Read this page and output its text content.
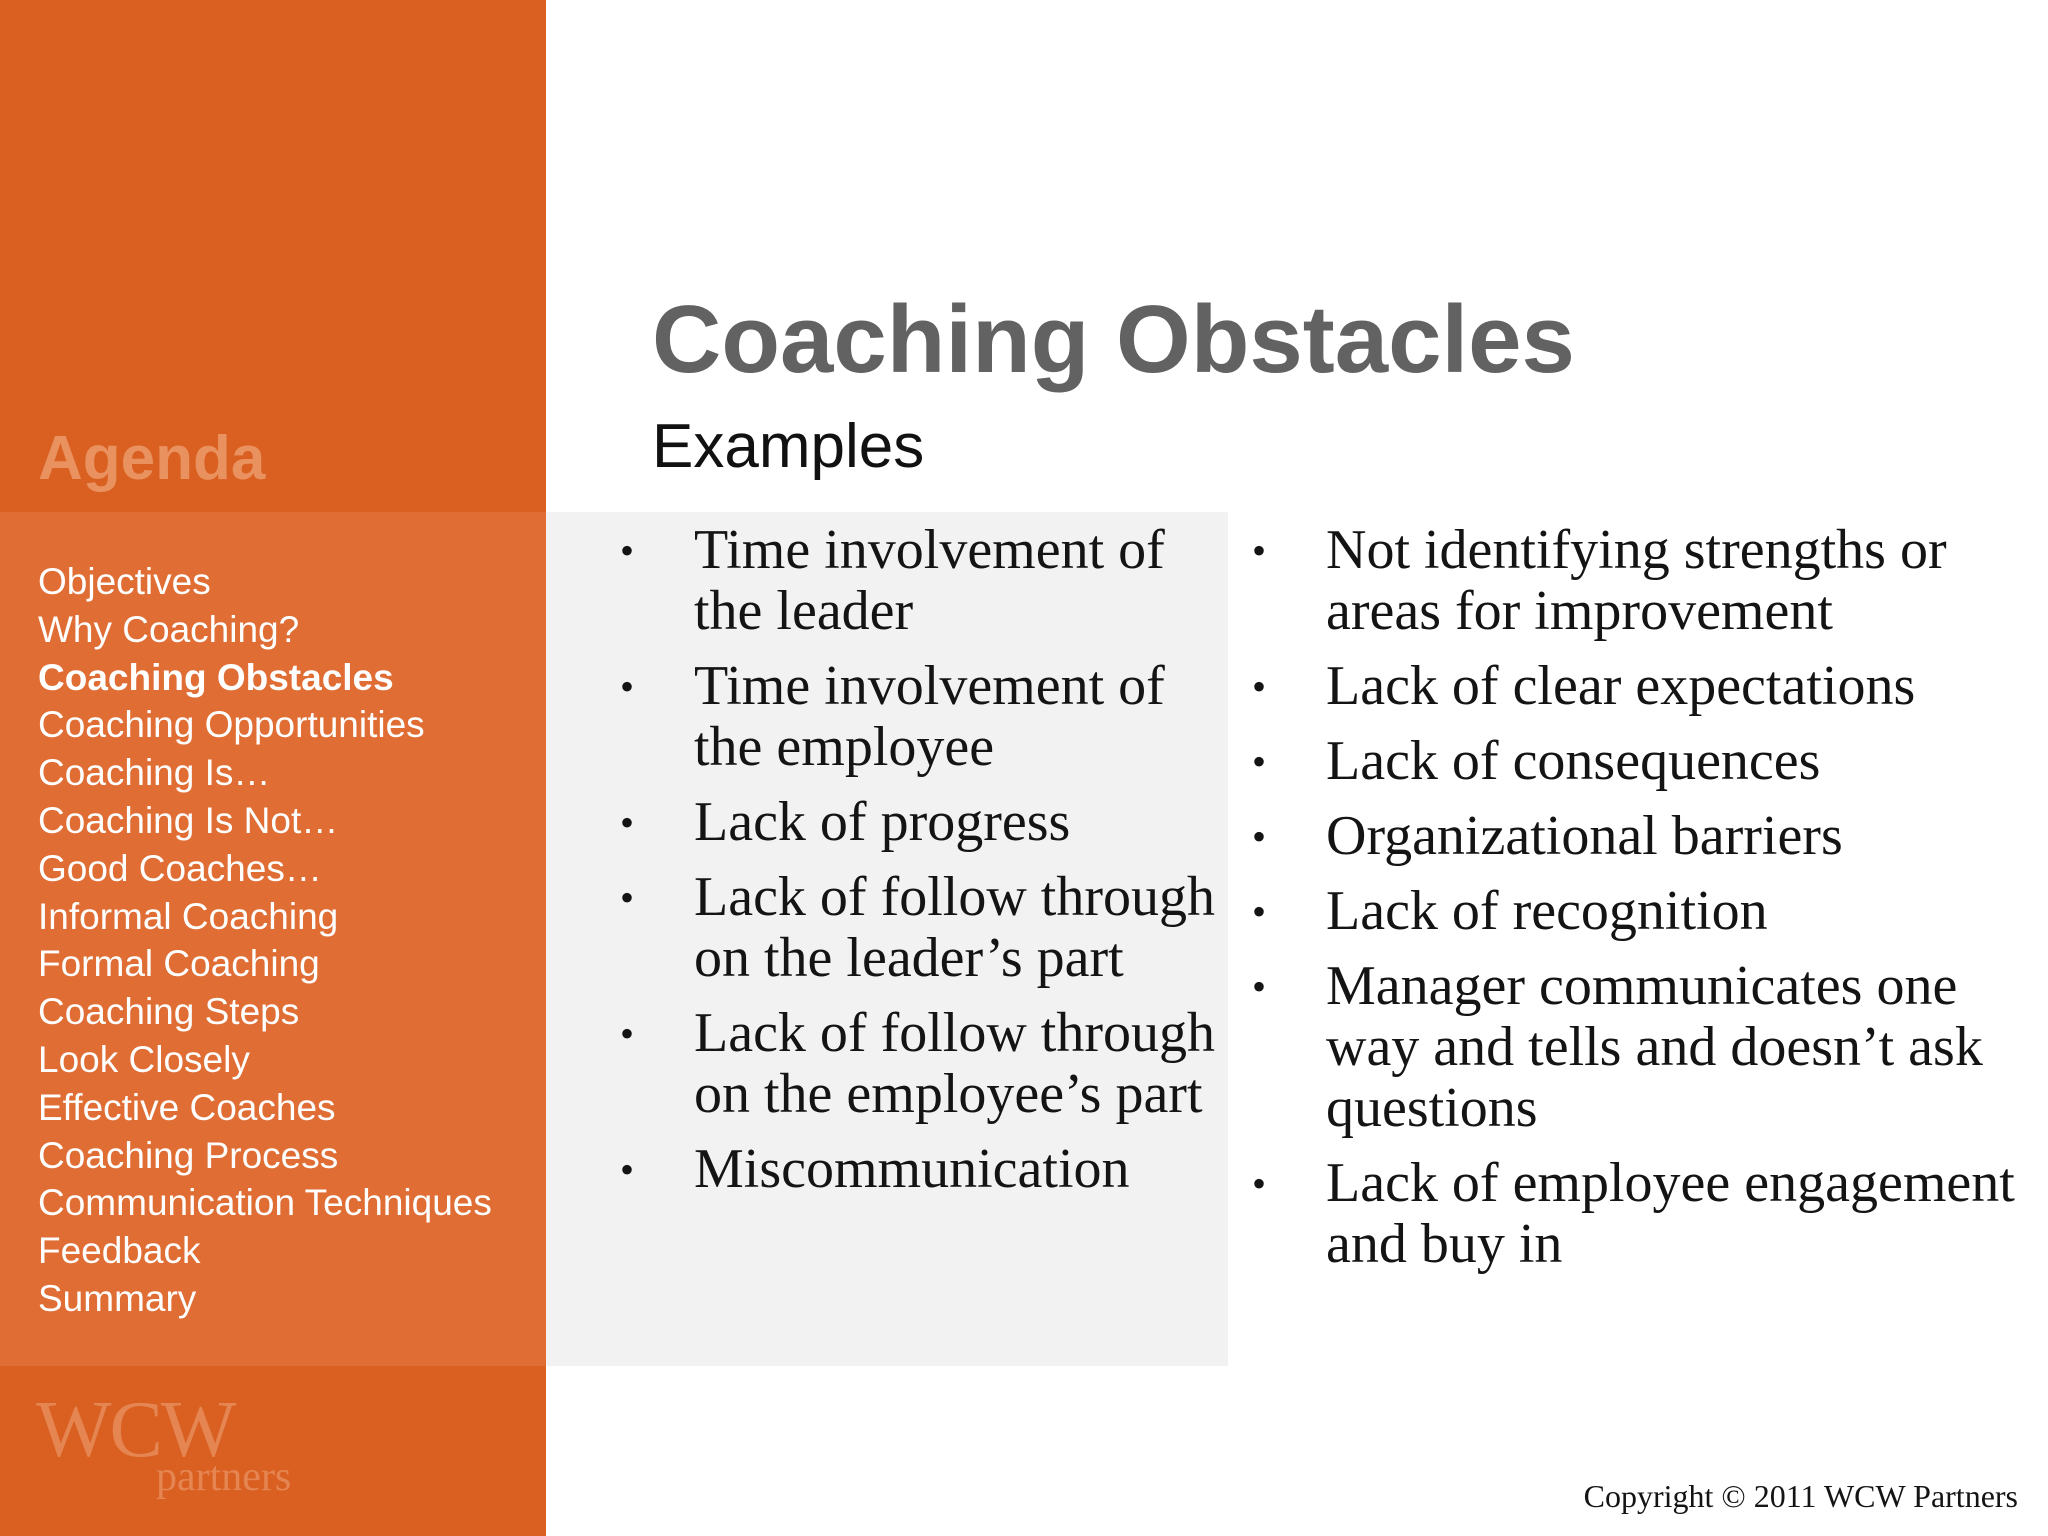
Agenda
Objectives
Why Coaching?
Coaching Obstacles
Coaching Opportunities
Coaching Is…
Coaching Is Not…
Good Coaches…
Informal Coaching
Formal Coaching
Coaching Steps
Look Closely
Effective Coaches
Coaching Process
Communication Techniques
Feedback
Summary
WCW
partners
Coaching Obstacles
Examples
• Time involvement of the leader
• Time involvement of the employee
• Lack of progress
• Lack of follow through on the leader’s part
• Lack of follow through on the employee’s part
• Miscommunication
• Not identifying strengths or areas for improvement
• Lack of clear expectations
• Lack of consequences
• Organizational barriers
• Lack of recognition
• Manager communicates one way and tells and doesn’t ask questions
• Lack of employee engagement and buy in
Copyright © 2011 WCW Partners
